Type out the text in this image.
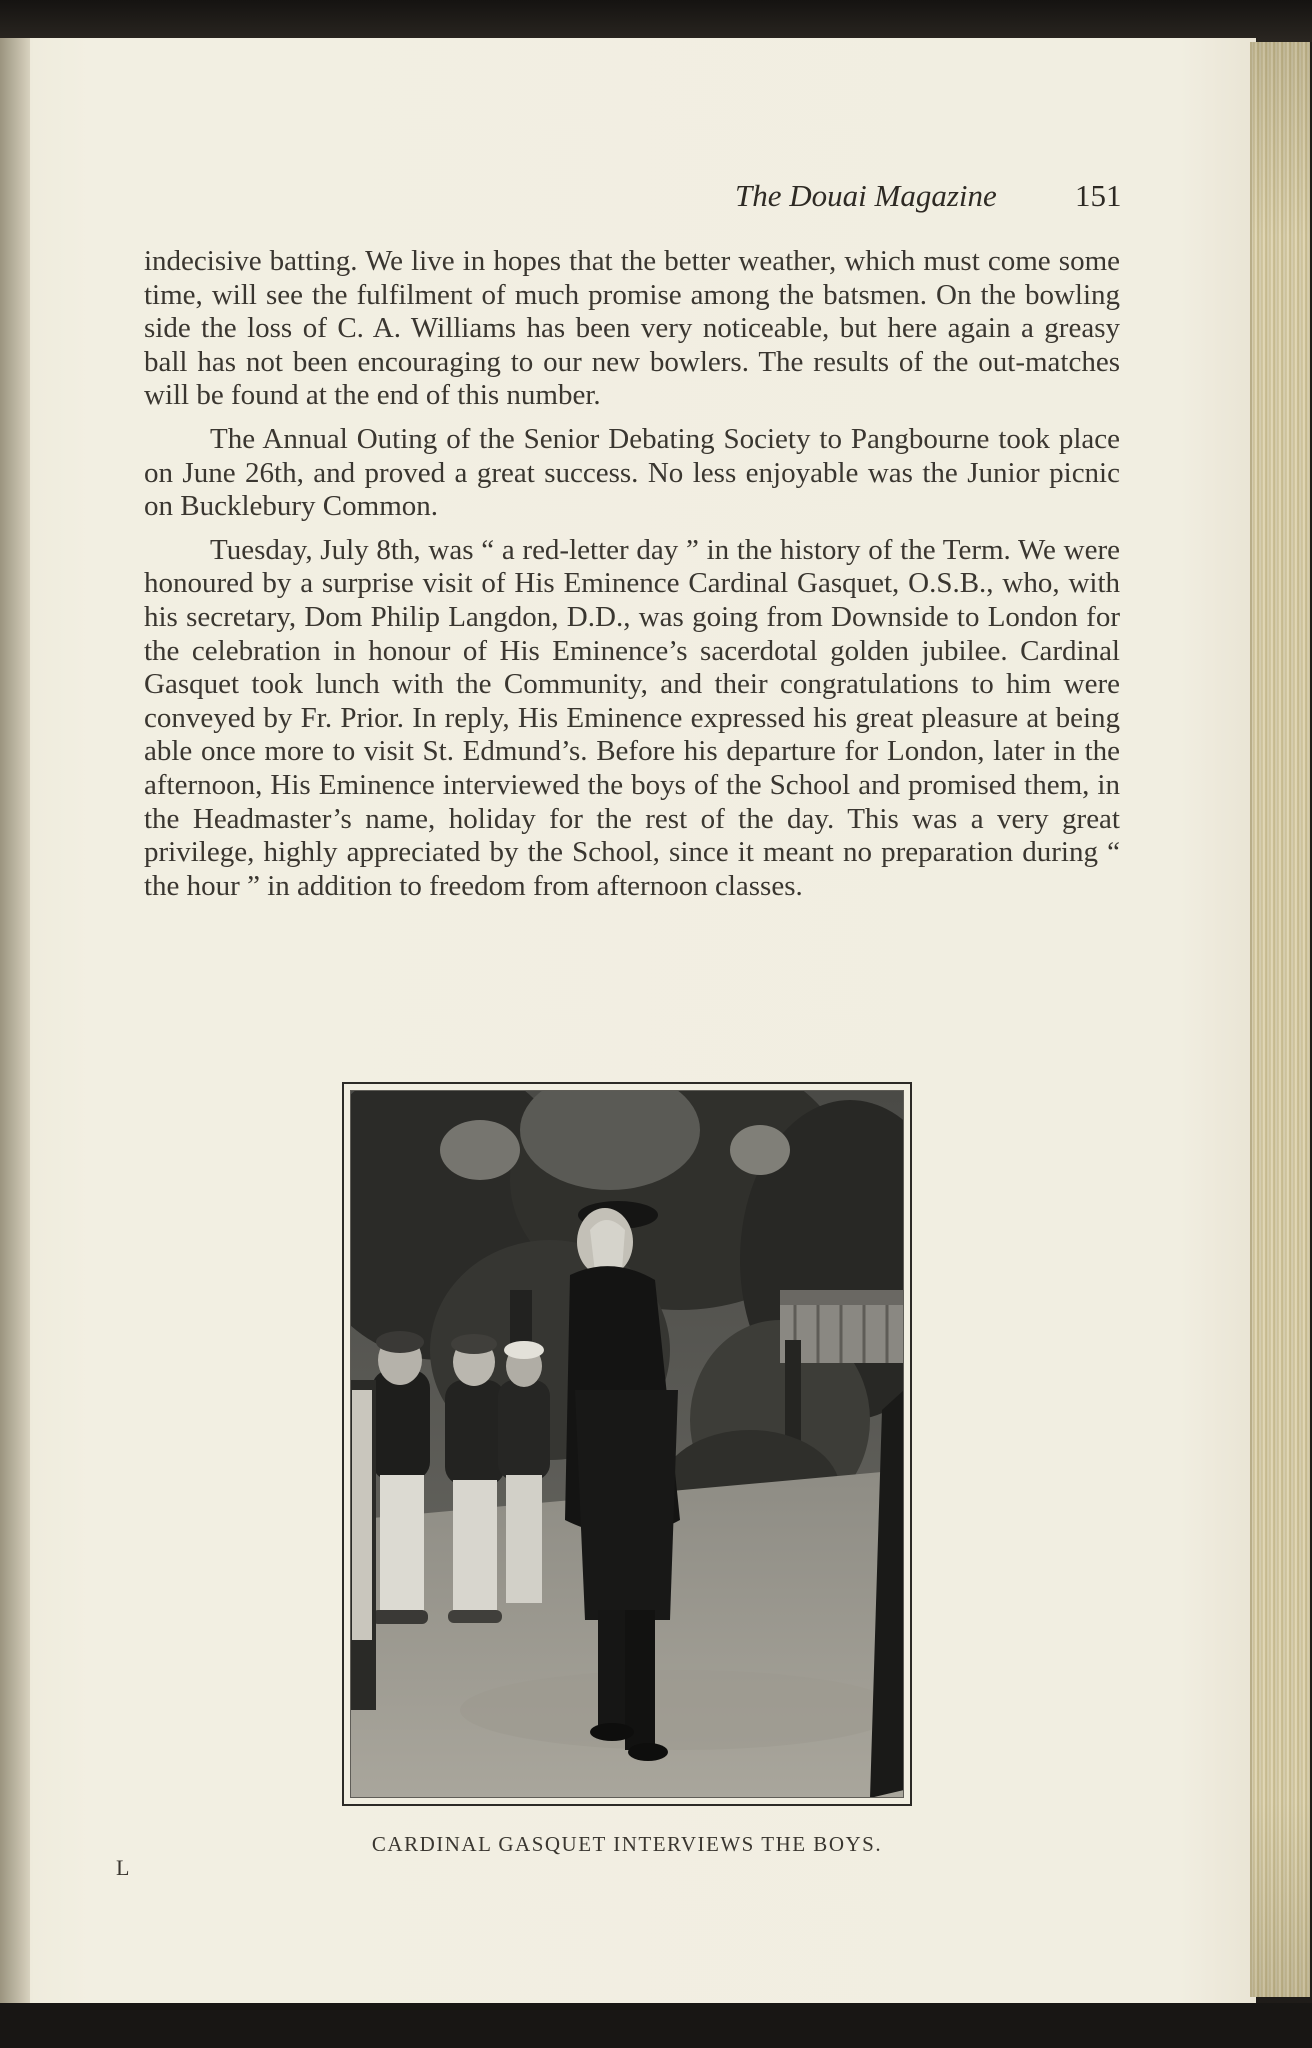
The Douai Magazine	151

indecisive batting. We live in hopes that the better weather, which must come some time, will see the fulfilment of much promise among the batsmen. On the bowling side the loss of C. A. Williams has been very noticeable, but here again a greasy ball has not been encouraging to our new bowlers. The results of the out-matches will be found at the end of this number.

The Annual Outing of the Senior Debating Society to Pangbourne took place on June 26th, and proved a great success. No less enjoyable was the Junior picnic on Bucklebury Common.

Tuesday, July 8th, was “ a red-letter day ” in the history of the Term. We were honoured by a surprise visit of His Eminence Cardinal Gasquet, O.S.B., who, with his secretary, Dom Philip Langdon, D.D., was going from Downside to London for the celebration in honour of His Eminence’s sacerdotal golden jubilee. Cardinal Gasquet took lunch with the Community, and their congratulations to him were conveyed by Fr. Prior. In reply, His Eminence expressed his great pleasure at being able once more to visit St. Edmund’s. Before his departure for London, later in the afternoon, His Eminence interviewed the boys of the School and promised them, in the Headmaster’s name, holiday for the rest of the day. This was a very great privilege, highly appreciated by the School, since it meant no preparation during “ the hour ” in addition to freedom from afternoon classes.

CARDINAL GASQUET INTERVIEWS THE BOYS.
L
